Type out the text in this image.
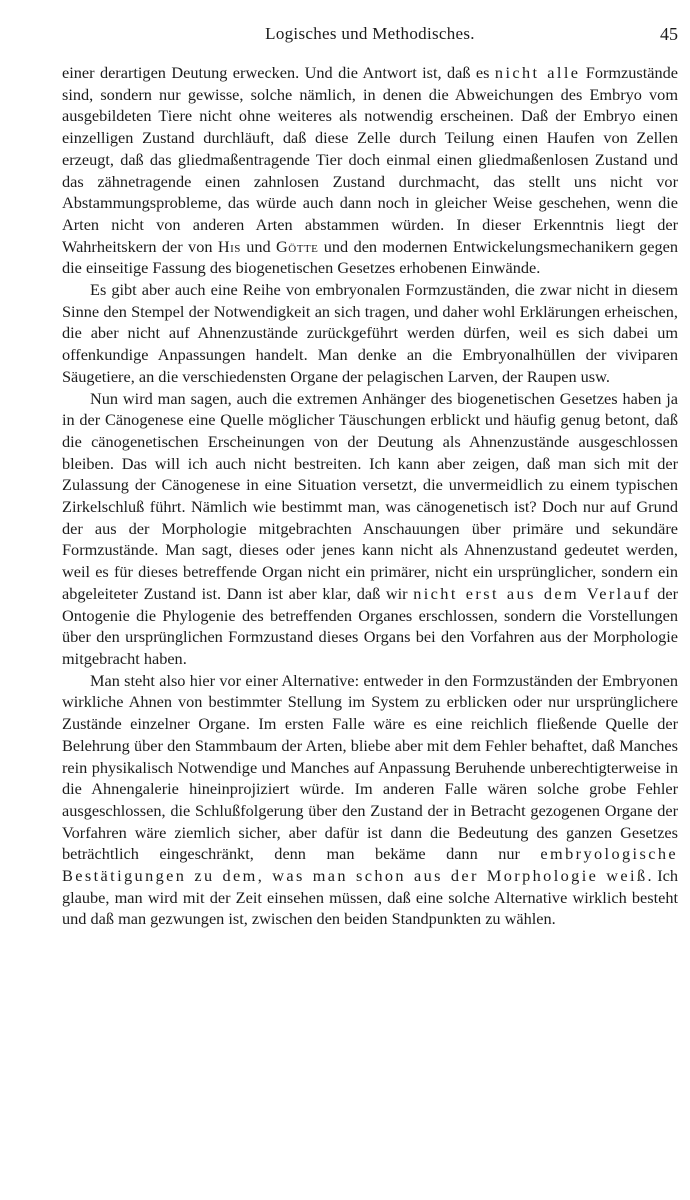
Logisches und Methodisches.	45

einer derartigen Deutung erwecken. Und die Antwort ist, daß es nicht alle Formzustände sind, sondern nur gewisse, solche nämlich, in denen die Abweichungen des Embryo vom ausgebildeten Tiere nicht ohne weiteres als notwendig erscheinen. Daß der Embryo einen einzelligen Zustand durchläuft, daß diese Zelle durch Teilung einen Haufen von Zellen erzeugt, daß das gliedmaßentragende Tier doch einmal einen gliedmaßenlosen Zustand und das zähnetragende einen zahnlosen Zustand durchmacht, das stellt uns nicht vor Abstammungsprobleme, das würde auch dann noch in gleicher Weise geschehen, wenn die Arten nicht von anderen Arten abstammen würden. In dieser Erkenntnis liegt der Wahrheitskern der von His und Götte und den modernen Entwickelungsmechanikern gegen die einseitige Fassung des biogenetischen Gesetzes erhobenen Einwände.

Es gibt aber auch eine Reihe von embryonalen Formzuständen, die zwar nicht in diesem Sinne den Stempel der Notwendigkeit an sich tragen, und daher wohl Erklärungen erheischen, die aber nicht auf Ahnenzustände zurückgeführt werden dürfen, weil es sich dabei um offenkundige Anpassungen handelt. Man denke an die Embryonalhüllen der viviparen Säugetiere, an die verschiedensten Organe der pelagischen Larven, der Raupen usw.

Nun wird man sagen, auch die extremen Anhänger des biogenetischen Gesetzes haben ja in der Cänogenese eine Quelle möglicher Täuschungen erblickt und häufig genug betont, daß die cänogenetischen Erscheinungen von der Deutung als Ahnenzustände ausgeschlossen bleiben. Das will ich auch nicht bestreiten. Ich kann aber zeigen, daß man sich mit der Zulassung der Cänogenese in eine Situation versetzt, die unvermeidlich zu einem typischen Zirkelschluß führt. Nämlich wie bestimmt man, was cänogenetisch ist? Doch nur auf Grund der aus der Morphologie mitgebrachten Anschauungen über primäre und sekundäre Formzustände. Man sagt, dieses oder jenes kann nicht als Ahnenzustand gedeutet werden, weil es für dieses betreffende Organ nicht ein primärer, nicht ein ursprünglicher, sondern ein abgeleiteter Zustand ist. Dann ist aber klar, daß wir nicht erst aus dem Verlauf der Ontogenie die Phylogenie des betreffenden Organes erschlossen, sondern die Vorstellungen über den ursprünglichen Formzustand dieses Organs bei den Vorfahren aus der Morphologie mitgebracht haben.

Man steht also hier vor einer Alternative: entweder in den Formzuständen der Embryonen wirkliche Ahnen von bestimmter Stellung im System zu erblicken oder nur ursprünglichere Zustände einzelner Organe. Im ersten Falle wäre es eine reichlich fließende Quelle der Belehrung über den Stammbaum der Arten, bliebe aber mit dem Fehler behaftet, daß Manches rein physikalisch Notwendige und Manches auf Anpassung Beruhende unberechtigterweise in die Ahnengalerie hineinprojiziert würde. Im anderen Falle wären solche grobe Fehler ausgeschlossen, die Schlußfolgerung über den Zustand der in Betracht gezogenen Organe der Vorfahren wäre ziemlich sicher, aber dafür ist dann die Bedeutung des ganzen Gesetzes beträchtlich eingeschränkt, denn man bekäme dann nur embryologische Bestätigungen zu dem, was man schon aus der Morphologie weiß. Ich glaube, man wird mit der Zeit einsehen müssen, daß eine solche Alternative wirklich besteht und daß man gezwungen ist, zwischen den beiden Standpunkten zu wählen.
